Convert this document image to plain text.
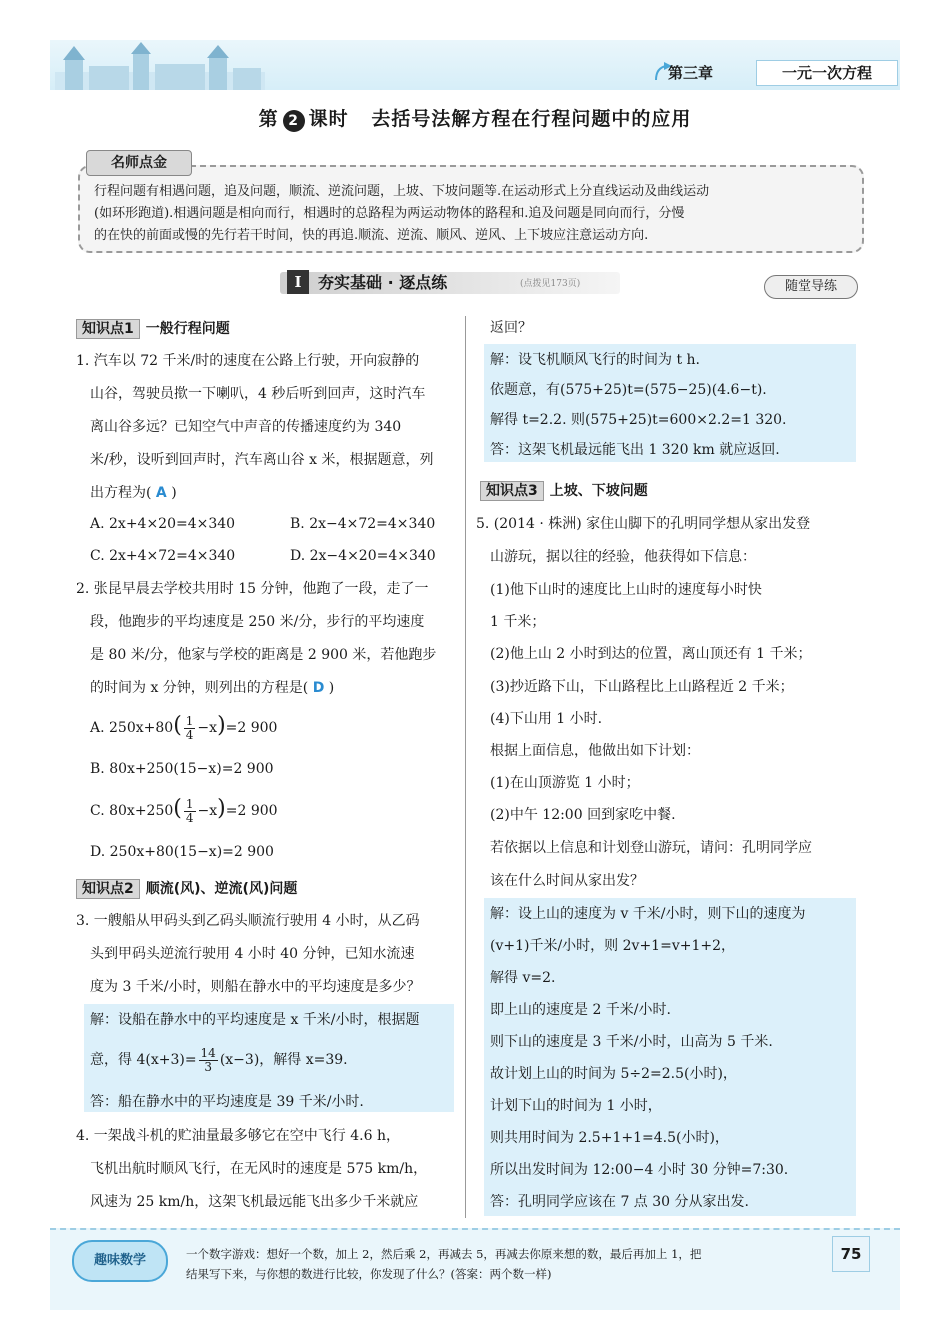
第三章	一元一次方程
第 2 课时   去括号法解方程在行程问题中的应用
名师点金
行程问题有相遇问题，追及问题，顺流、逆流问题，上坡、下坡问题等.在运动形式上分直线运动及曲线运动
(如环形跑道).相遇问题是相向而行，相遇时的总路程为两运动物体的路程和.追及问题是同向而行，分慢
的在快的前面或慢的先行若干时间，快的再追.顺流、逆流、顺风、逆风、上下坡应注意运动方向.
I	夯实基础 · 逐点练	(点拨见173页)	随堂导练
知识点1 一般行程问题
1. 汽车以 72 千米/时的速度在公路上行驶，开向寂静的
山谷，驾驶员揿一下喇叭，4 秒后听到回声，这时汽车
离山谷多远？已知空气中声音的传播速度约为 340
米/秒，设听到回声时，汽车离山谷 x 米，根据题意，列
出方程为( A )
A. 2x+4×20=4×340	B. 2x−4×72=4×340
C. 2x+4×72=4×340	D. 2x−4×20=4×340
2. 张昆早晨去学校共用时 15 分钟，他跑了一段，走了一
段，他跑步的平均速度是 250 米/分，步行的平均速度
是 80 米/分，他家与学校的距离是 2 900 米，若他跑步
的时间为 x 分钟，则列出的方程是( D )
A. $250x+80( \frac{1}{4} -x)=2$ 900
B. 80x+250(15−x)=2 900
C. $80x+250( \frac{1}{4} -x)=2$ 900
D. 250x+80(15−x)=2 900
知识点2 顺流(风)、逆流(风)问题
3. 一艘船从甲码头到乙码头顺流行驶用 4 小时，从乙码
头到甲码头逆流行驶用 4 小时 40 分钟，已知水流速
度为 3 千米/小时，则船在静水中的平均速度是多少？
解：设船在静水中的平均速度是 x 千米/小时，根据题
意，得 $4(x+3)= \frac{14}{3} (x-3)$，解得 x=39.
答：船在静水中的平均速度是 39 千米/小时.
4. 一架战斗机的贮油量最多够它在空中飞行 4.6 h，
飞机出航时顺风飞行，在无风时的速度是 575 km/h，
风速为 25 km/h，这架飞机最远能飞出多少千米就应
返回？
解：设飞机顺风飞行的时间为 t h.
依题意，有(575+25)t=(575−25)(4.6−t).
解得 t=2.2. 则(575+25)t=600×2.2=1 320.
答：这架飞机最远能飞出 1 320 km 就应返回.
知识点3 上坡、下坡问题
5. (2014 · 株洲) 家住山脚下的孔明同学想从家出发登
山游玩，据以往的经验，他获得如下信息：
(1)他下山时的速度比上山时的速度每小时快
1 千米；
(2)他上山 2 小时到达的位置，离山顶还有 1 千米；
(3)抄近路下山，下山路程比上山路程近 2 千米；
(4)下山用 1 小时.
根据上面信息，他做出如下计划：
(1)在山顶游览 1 小时；
(2)中午 12:00 回到家吃中餐.
若依据以上信息和计划登山游玩，请问：孔明同学应
该在什么时间从家出发？
解：设上山的速度为 v 千米/小时，则下山的速度为
(v+1)千米/小时，则 2v+1=v+1+2，
解得 v=2.
即上山的速度是 2 千米/小时.
则下山的速度是 3 千米/小时，山高为 5 千米.
故计划上山的时间为 5÷2=2.5(小时)，
计划下山的时间为 1 小时，
则共用时间为 2.5+1+1=4.5(小时)，
所以出发时间为 12:00−4 小时 30 分钟=7:30.
答：孔明同学应该在 7 点 30 分从家出发.
趣味数学	一个数字游戏：想好一个数，加上 2，然后乘 2，再减去 5，再减去你原来想的数，最后再加上 1，把
结果写下来，与你想的数进行比较，你发现了什么？(答案：两个数一样)
75
